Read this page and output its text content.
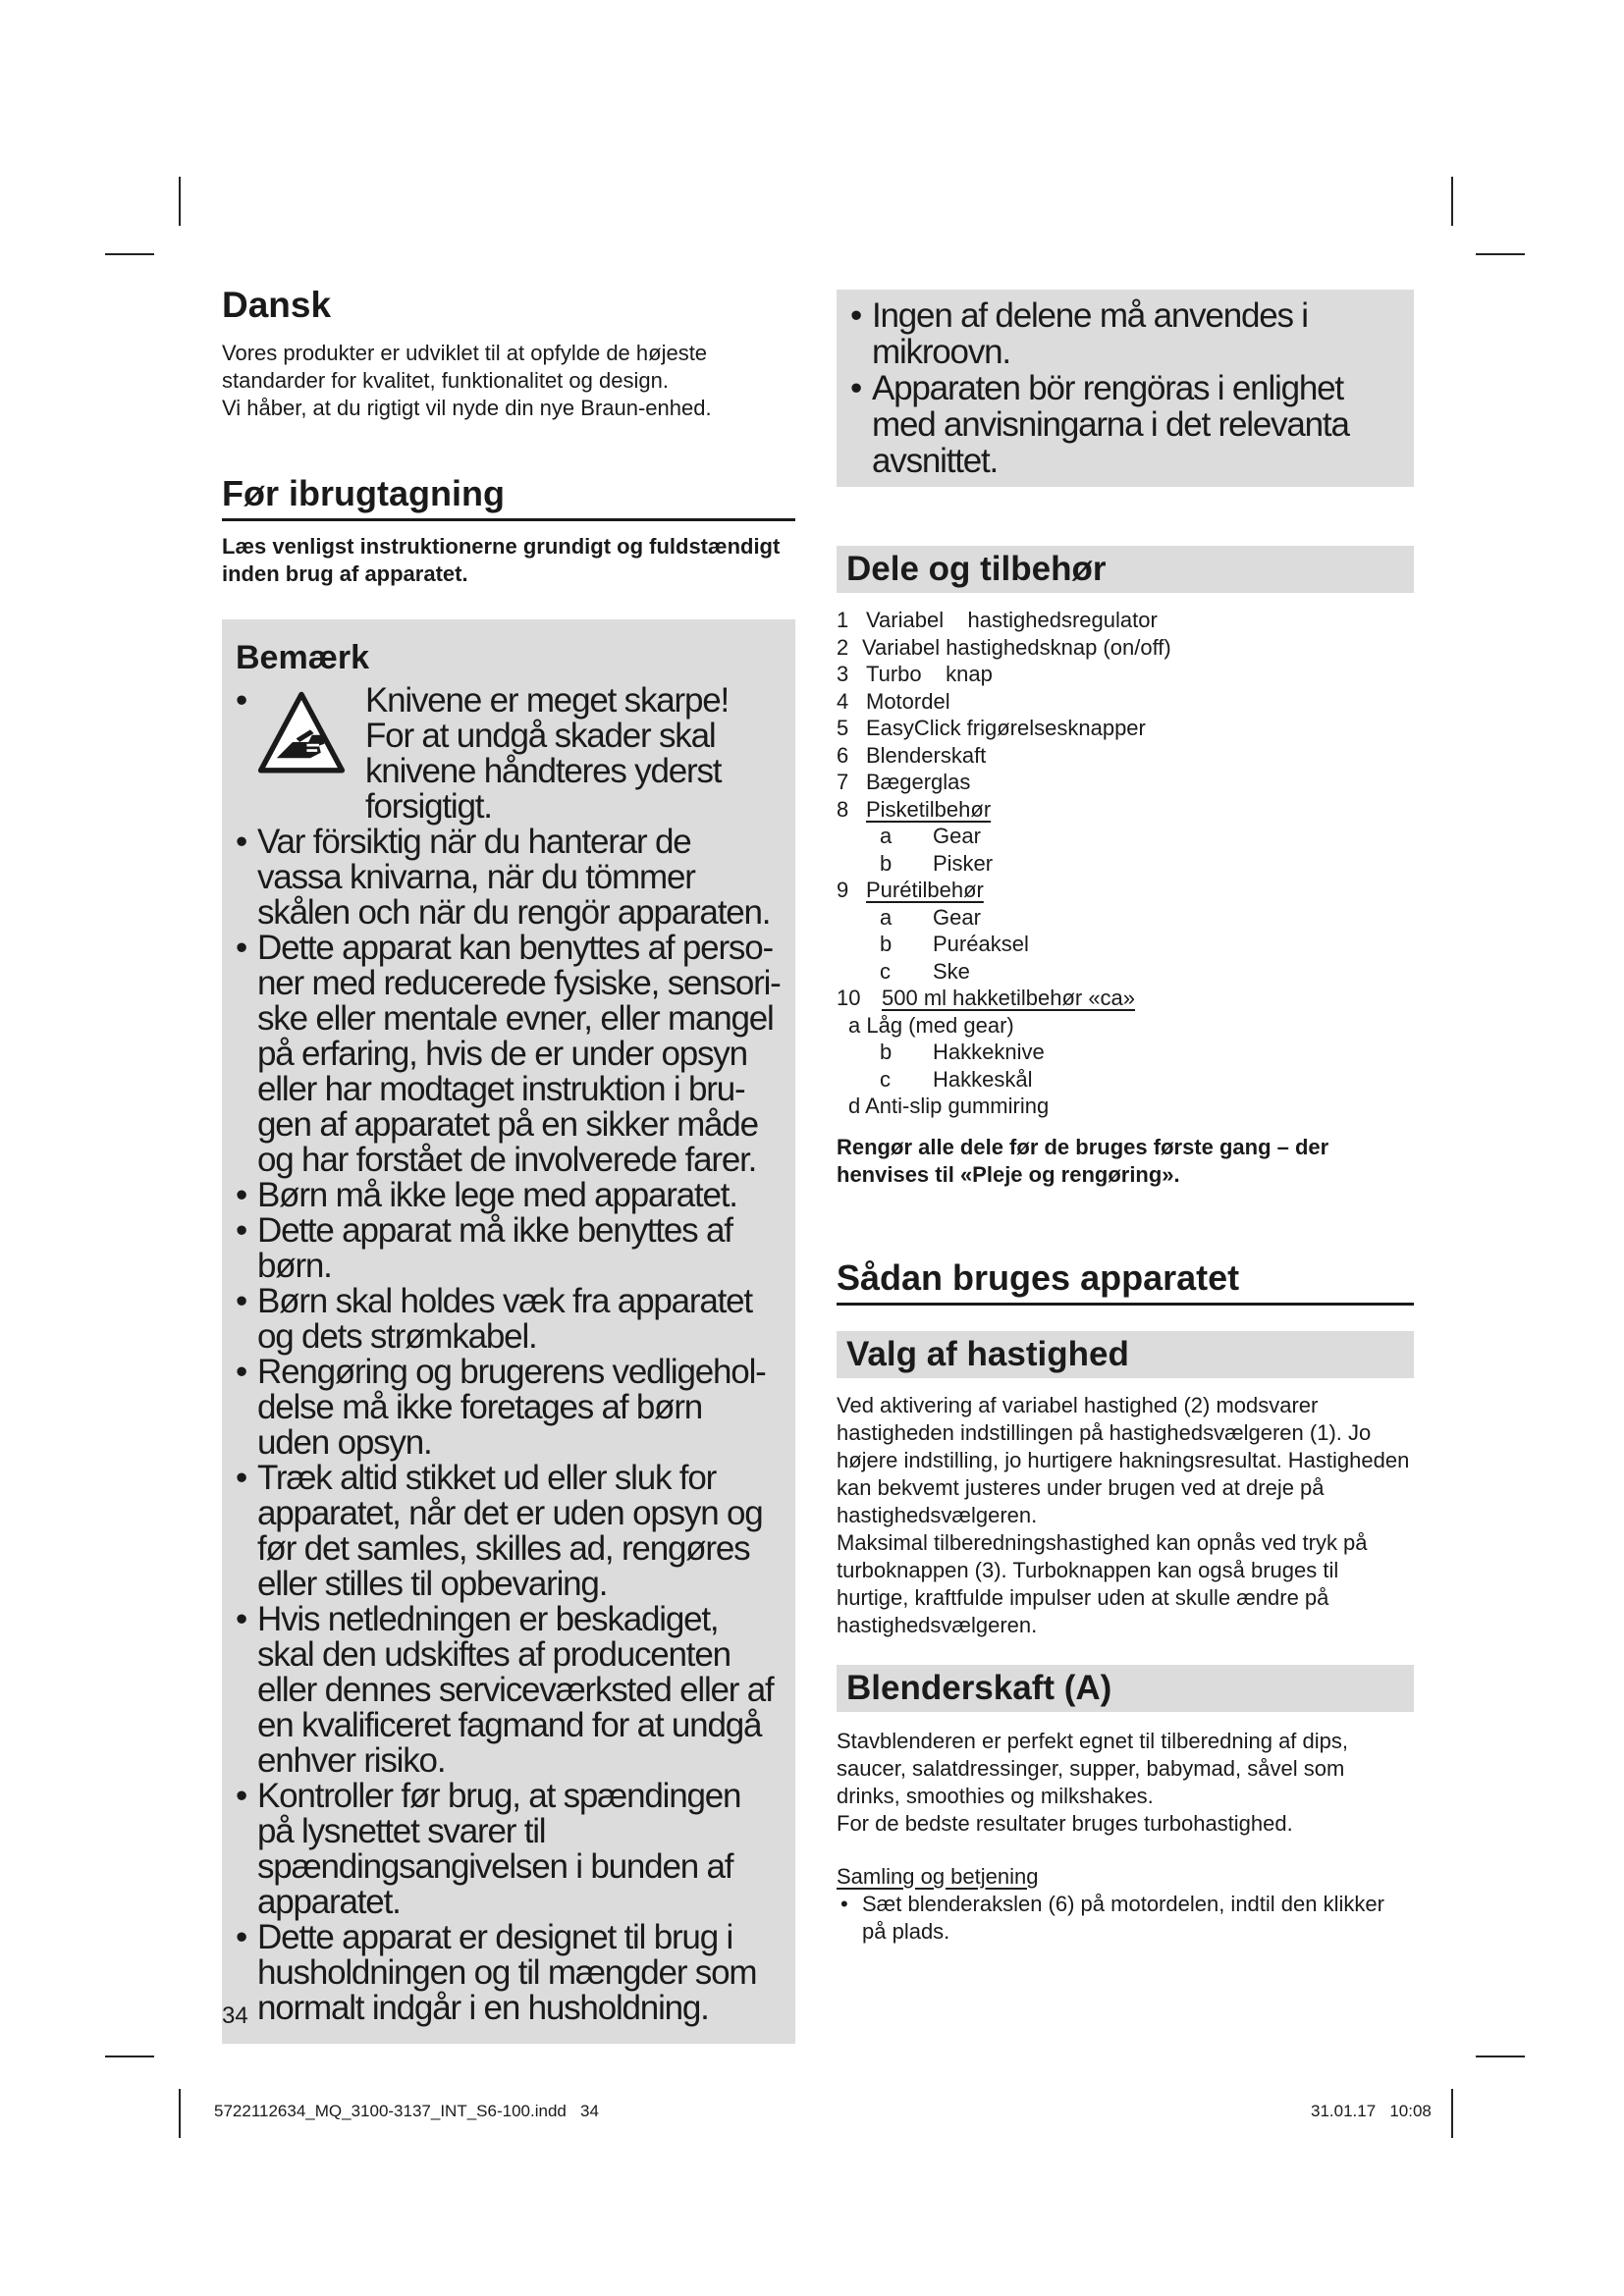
Dansk

Vores produkter er udviklet til at opfylde de højeste standarder for kvalitet, funktionalitet og design.

Vi håber, at du rigtigt vil nyde din nye Braun-enhed.

Før ibrugtagning

Læs venligst instruktionerne grundigt og fuldstændigt inden brug af apparatet.

Bemærk
• Knivene er meget skarpe! For at undgå skader skal knivene håndteres yderst forsigtigt.
• Var försiktig när du hanterar de vassa knivarna, när du tömmer skålen och när du rengör apparaten.
• Dette apparat kan benyttes af personer med reducerede fysiske, sensoriske eller mentale evner, eller mangel på erfaring, hvis de er under opsyn eller har modtaget instruktion i brugen af apparatet på en sikker måde og har forstået de involverede farer.
• Børn må ikke lege med apparatet.
• Dette apparat må ikke benyttes af børn.
• Børn skal holdes væk fra apparatet og dets strømkabel.
• Rengøring og brugerens vedligeholdelse må ikke foretages af børn uden opsyn.
• Træk altid stikket ud eller sluk for apparatet, når det er uden opsyn og før det samles, skilles ad, rengøres eller stilles til opbevaring.
• Hvis netledningen er beskadiget, skal den udskiftes af producenten eller dennes serviceværksted eller af en kvalificeret fagmand for at undgå enhver risiko.
• Kontroller før brug, at spændingen på lysnettet svarer til spændingsangivelsen i bunden af apparatet.
• Dette apparat er designet til brug i husholdningen og til mængder som normalt indgår i en husholdning.
• Ingen af delene må anvendes i mikroovn.
• Apparaten bör rengöras i enlighet med anvisningarna i det relevanta avsnittet.
Dele og tilbehør
1 Variabel    hastighedsregulator
2 Variabel hastighedsknap (on/off)
3 Turbo    knap
4 Motordel
5 EasyClick frigørelsesknapper
6 Blenderskaft
7 Bægerglas
8 Pisketilbehør
a Gear
b Pisker
9 Purétilbehør
a Gear
b Puréaksel
c Ske
10 500 ml hakketilbehør «ca»
a Låg (med gear)
b Hakkeknive
c Hakkeskål
d Anti-slip gummiring

Rengør alle dele før de bruges første gang – der henvises til «Pleje og rengøring».

Sådan bruges apparatet
Valg af hastighed

Ved aktivering af variabel hastighed (2) modsvarer hastigheden indstillingen på hastighedsvælgeren (1). Jo højere indstilling, jo hurtigere hakningsresultat. Hastigheden kan bekvemt justeres under brugen ved at dreje på hastighedsvælgeren.

Maksimal tilberedningshastighed kan opnås ved tryk på turboknappen (3). Turboknappen kan også bruges til hurtige, kraftfulde impulser uden at skulle ændre på hastighedsvælgeren.

Blenderskaft (A)

Stavblenderen er perfekt egnet til tilberedning af dips, saucer, salatdressinger, supper, babymad, såvel som drinks, smoothies og milkshakes.

For de bedste resultater bruges turbohastighed.

Samling og betjening

• Sæt blenderakslen (6) på motordelen, indtil den klikker på plads.
34
5722112634_MQ_3100-3137_INT_S6-100.indd   34	31.01.17   10:08
